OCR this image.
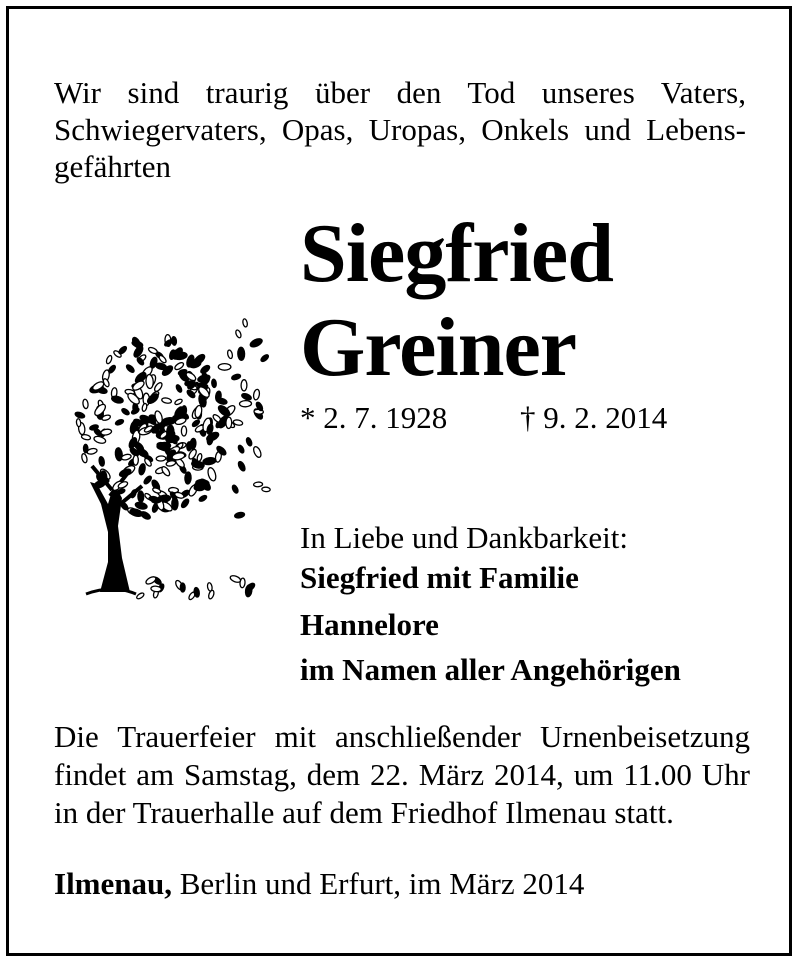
Wir sind traurig über den Tod unseres Vaters,
Schwiegervaters, Opas, Uropas, Onkels und Lebens-
gefährten
Siegfried
Greiner
* 2. 7. 1928 † 9. 2. 2014
In Liebe und Dankbarkeit:
Siegfried mit Familie
Hannelore
im Namen aller Angehörigen
Die Trauerfeier mit anschließender Urnenbeisetzung
findet am Samstag, dem 22. März 2014, um 11.00 Uhr
in der Trauerhalle auf dem Friedhof Ilmenau statt.
Ilmenau, Berlin und Erfurt, im März 2014
